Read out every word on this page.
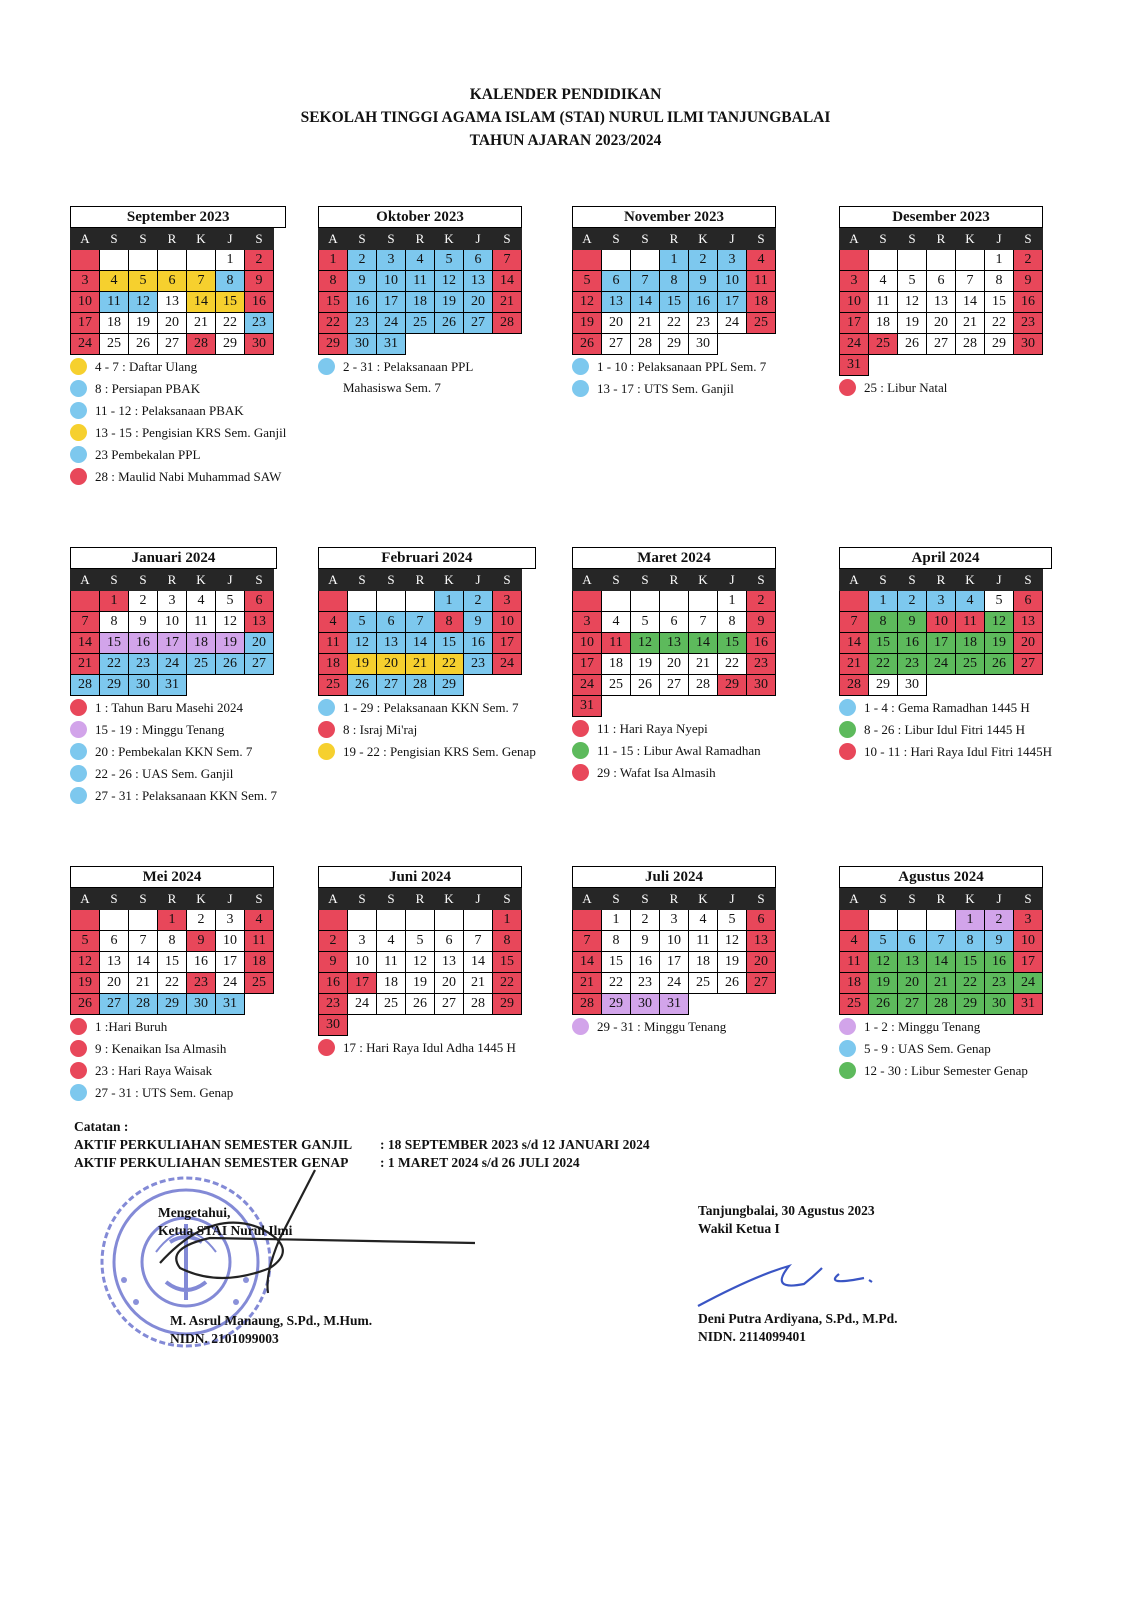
KALENDER PENDIDIKAN
SEKOLAH TINGGI AGAMA ISLAM (STAI) NURUL ILMI TANJUNGBALAI
TAHUN AJARAN 2023/2024
September 2023
A	S	S	R	K	J	S
					1	2
3	4	5	6	7	8	9
10	11	12	13	14	15	16
17	18	19	20	21	22	23
24	25	26	27	28	29	30
4 - 7 : Daftar Ulang
8 : Persiapan PBAK
11 - 12 : Pelaksanaan PBAK
13 - 15 : Pengisian KRS Sem. Ganjil
23 Pembekalan PPL
28 : Maulid Nabi Muhammad SAW
Oktober 2023
A	S	S	R	K	J	S
1	2	3	4	5	6	7
8	9	10	11	12	13	14
15	16	17	18	19	20	21
22	23	24	25	26	27	28
29	30	31				
2 - 31 : Pelaksanaan PPL
Mahasiswa Sem. 7
November 2023
A	S	S	R	K	J	S
			1	2	3	4
5	6	7	8	9	10	11
12	13	14	15	16	17	18
19	20	21	22	23	24	25
26	27	28	29	30		
1 - 10 : Pelaksanaan PPL Sem. 7
13 - 17 : UTS Sem. Ganjil
Desember 2023
A	S	S	R	K	J	S
					1	2
3	4	5	6	7	8	9
10	11	12	13	14	15	16
17	18	19	20	21	22	23
24	25	26	27	28	29	30
31						
25 : Libur Natal
Januari 2024
A	S	S	R	K	J	S
	1	2	3	4	5	6
7	8	9	10	11	12	13
14	15	16	17	18	19	20
21	22	23	24	25	26	27
28	29	30	31			
1 : Tahun Baru Masehi 2024
15 - 19 : Minggu Tenang
20 : Pembekalan KKN Sem. 7
22 - 26 : UAS Sem. Ganjil
27 - 31 : Pelaksanaan KKN Sem. 7
Februari 2024
A	S	S	R	K	J	S
				1	2	3
4	5	6	7	8	9	10
11	12	13	14	15	16	17
18	19	20	21	22	23	24
25	26	27	28	29		
1 - 29 : Pelaksanaan KKN Sem. 7
8 : Israj Mi'raj
19 - 22 : Pengisian KRS Sem. Genap
Maret 2024
A	S	S	R	K	J	S
					1	2
3	4	5	6	7	8	9
10	11	12	13	14	15	16
17	18	19	20	21	22	23
24	25	26	27	28	29	30
31						
11 : Hari Raya Nyepi
11 - 15 : Libur Awal Ramadhan
29 : Wafat Isa Almasih
April 2024
A	S	S	R	K	J	S
	1	2	3	4	5	6
7	8	9	10	11	12	13
14	15	16	17	18	19	20
21	22	23	24	25	26	27
28	29	30				
1 - 4 : Gema Ramadhan 1445 H
8 - 26 : Libur Idul Fitri 1445 H
10 - 11 : Hari Raya Idul Fitri 1445H
Mei 2024
A	S	S	R	K	J	S
			1	2	3	4
5	6	7	8	9	10	11
12	13	14	15	16	17	18
19	20	21	22	23	24	25
26	27	28	29	30	31	
1 :Hari Buruh
9 : Kenaikan Isa Almasih
23 : Hari Raya Waisak
27 - 31 : UTS Sem. Genap
Juni 2024
A	S	S	R	K	J	S
						1
2	3	4	5	6	7	8
9	10	11	12	13	14	15
16	17	18	19	20	21	22
23	24	25	26	27	28	29
30						
17 : Hari Raya Idul Adha 1445 H
Juli 2024
A	S	S	R	K	J	S
	1	2	3	4	5	6
7	8	9	10	11	12	13
14	15	16	17	18	19	20
21	22	23	24	25	26	27
28	29	30	31			
29 - 31 : Minggu Tenang
Agustus 2024
A	S	S	R	K	J	S
				1	2	3
4	5	6	7	8	9	10
11	12	13	14	15	16	17
18	19	20	21	22	23	24
25	26	27	28	29	30	31
1 - 2 : Minggu Tenang
5 - 9 : UAS Sem. Genap
12 - 30 : Libur Semester Genap
Catatan :
AKTIF PERKULIAHAN SEMESTER GANJIL	: 18 SEPTEMBER 2023 s/d 12 JANUARI 2024
AKTIF PERKULIAHAN SEMESTER GENAP	: 1 MARET 2024 s/d 26 JULI 2024
Mengetahui,
Ketua STAI Nurul Ilmi
M. Asrul Manaung, S.Pd., M.Hum.
NIDN. 2101099003
Tanjungbalai, 30 Agustus 2023
Wakil Ketua I
Deni Putra Ardiyana, S.Pd., M.Pd.
NIDN. 2114099401
